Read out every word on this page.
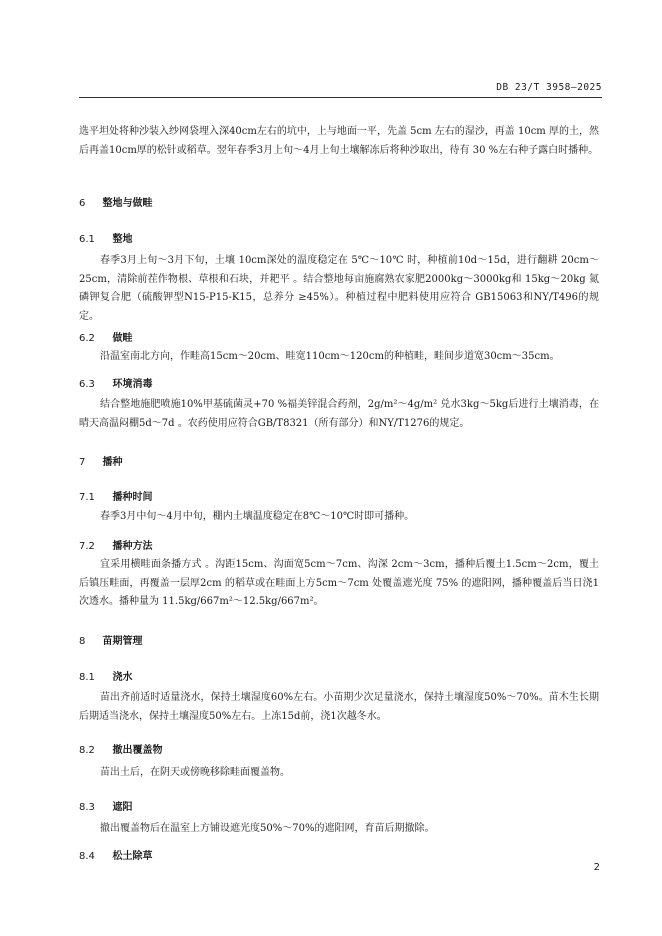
DB 23/T 3958—2025

选平坦处将种沙装入纱网袋埋入深40cm左右的坑中，上与地面一平，先盖 5cm 左右的湿沙，再盖 10cm 厚的土，然后再盖10cm厚的松针或稻草。翌年春季3月上旬～4月上旬土壤解冻后将种沙取出，待有 30 %左右种子露白时播种。

6 整地与做畦
6.1 整地

春季3月上旬～3月下旬，土壤 10cm深处的温度稳定在 5℃～10℃ 时，种植前10d～15d，进行翻耕 20cm～25cm，清除前茬作物根、草根和石块，并耙平 。结合整地每亩施腐熟农家肥2000kg～3000kg和 15kg～20kg 氮磷钾复合肥（硫酸钾型N15-P15-K15，总养分 ≥45%）。种植过程中肥料使用应符合 GB15063和NY/T496的规定。

6.2 做畦

沿温室南北方向，作畦高15cm～20cm、畦宽110cm～120cm的种植畦，畦间步道宽30cm～35cm。

6.3 环境消毒

结合整地施肥喷施10%甲基硫菌灵+70 %福美锌混合药剂，2g/m²～4g/m² 兑水3kg～5kg后进行土壤消毒，在晴天高温闷棚5d～7d 。农药使用应符合GB/T8321（所有部分）和NY/T1276的规定。

7 播种
7.1 播种时间

春季3月中旬～4月中旬，棚内土壤温度稳定在8℃～10℃时即可播种。

7.2 播种方法

宜采用横畦面条播方式 。沟距15cm、沟面宽5cm～7cm、沟深 2cm～3cm，播种后覆土1.5cm～2cm，覆土后镇压畦面，再覆盖一层厚2cm 的稻草或在畦面上方5cm～7cm 处覆盖遮光度 75% 的遮阳网，播种覆盖后当日浇1次透水。播种量为 11.5kg/667m²～12.5kg/667m²。

8 苗期管理
8.1 浇水

苗出齐前适时适量浇水，保持土壤湿度60%左右。小苗期少次足量浇水，保持土壤湿度50%～70%。苗木生长期后期适当浇水，保持土壤湿度50%左右。上冻15d前，浇1次越冬水。

8.2 撤出覆盖物

苗出土后，在阴天或傍晚移除畦面覆盖物。

8.3 遮阳

撤出覆盖物后在温室上方铺设遮光度50%～70%的遮阳网，育苗后期撤除。

8.4 松土除草
2
